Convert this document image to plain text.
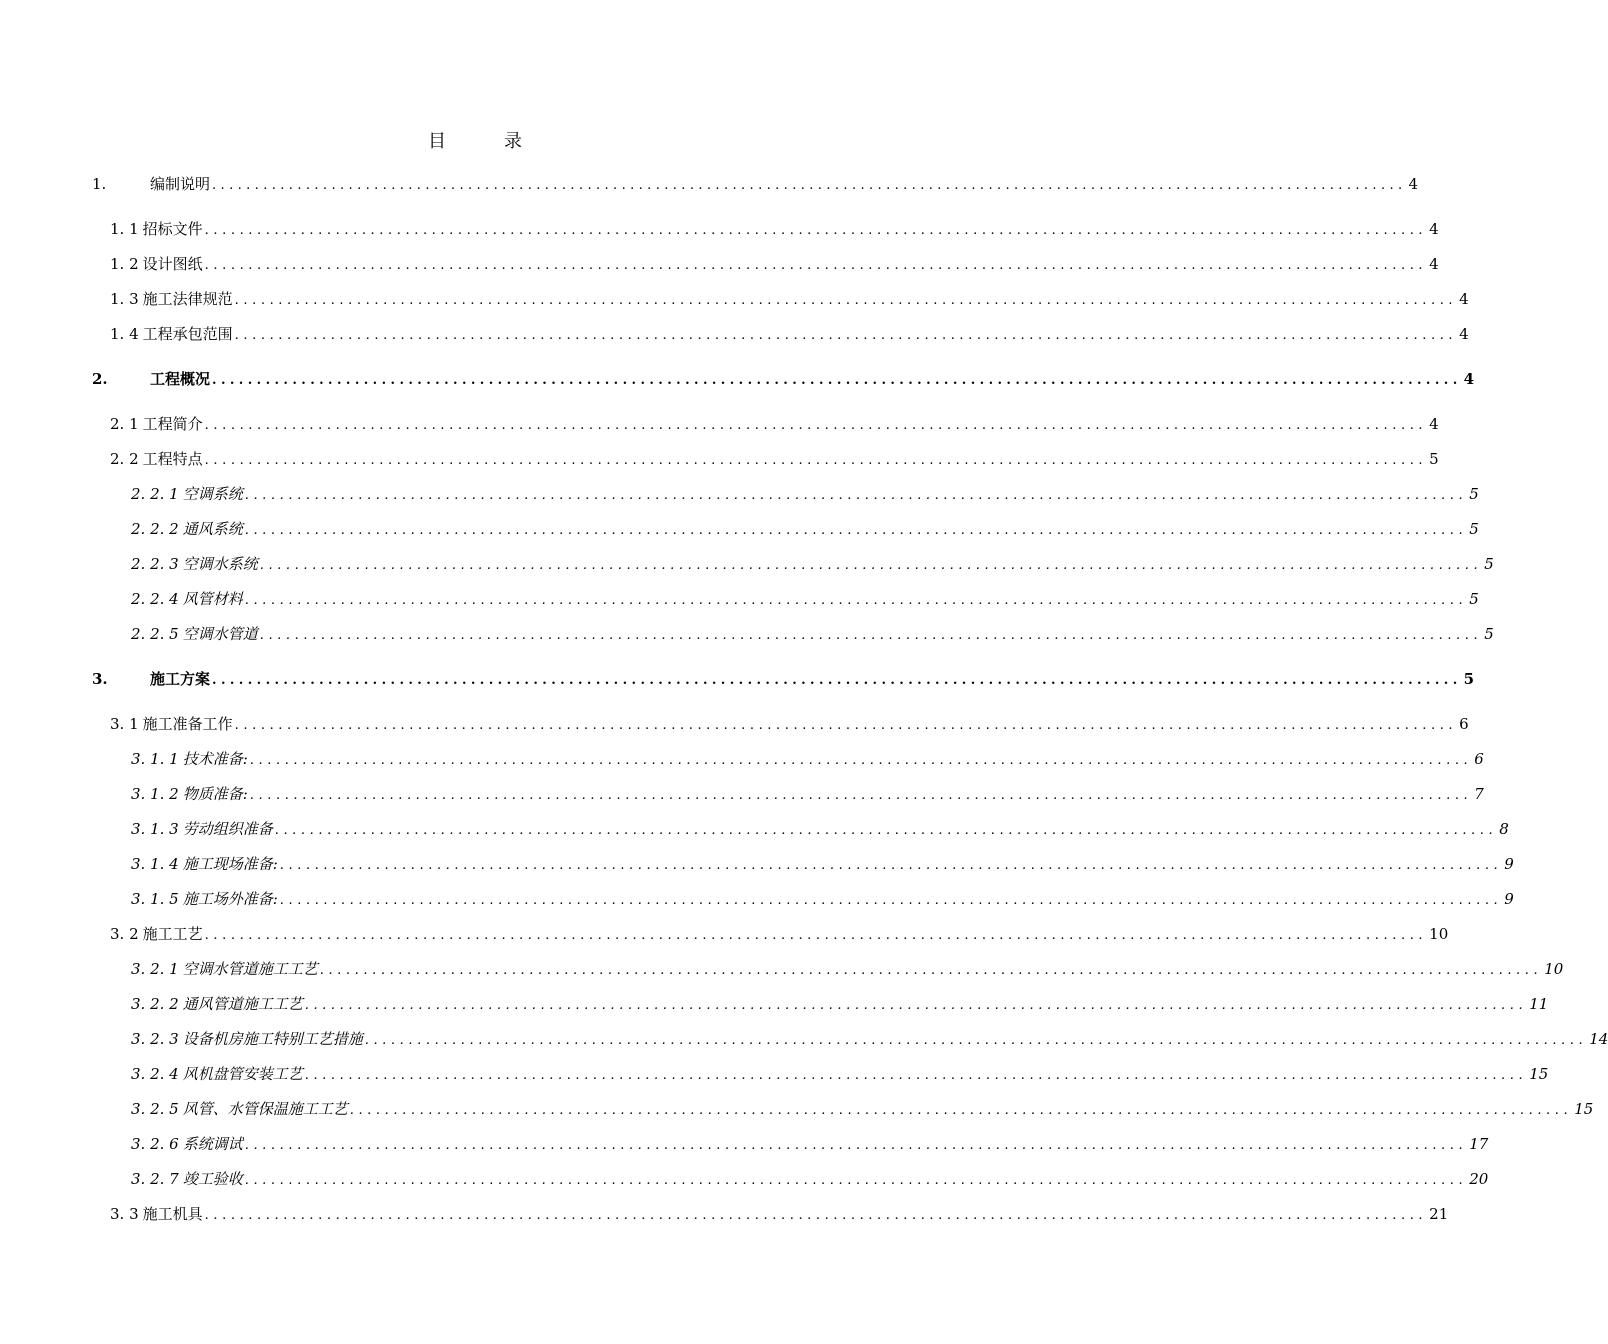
目	录
1.	编制说明 ............................................................................................................................................ 4
1. 1 招标文件 ............................................................................................................................................ 4
1. 2 设计图纸 ............................................................................................................................................ 4
1. 3 施工法律规范 ............................................................................................................................................ 4
1. 4 工程承包范围 ............................................................................................................................................ 4
2.	工程概况 ............................................................................................................................................ 4
2. 1 工程简介 ............................................................................................................................................ 4
2. 2 工程特点 ............................................................................................................................................ 5
2. 2. 1 空调系统 ............................................................................................................................................ 5
2. 2. 2 通风系统 ............................................................................................................................................ 5
2. 2. 3 空调水系统 ............................................................................................................................................ 5
2. 2. 4 风管材料 ............................................................................................................................................ 5
2. 2. 5 空调水管道 ............................................................................................................................................ 5
3.	施工方案 ............................................................................................................................................ 5
3. 1 施工准备工作 ............................................................................................................................................ 6
3. 1. 1 技术准备: ............................................................................................................................................ 6
3. 1. 2 物质准备: ............................................................................................................................................ 7
3. 1. 3 劳动组织准备 ............................................................................................................................................ 8
3. 1. 4 施工现场准备: ............................................................................................................................................ 9
3. 1. 5 施工场外准备: ............................................................................................................................................ 9
3. 2 施工工艺 ............................................................................................................................................ 10
3. 2. 1 空调水管道施工工艺 ............................................................................................................................................ 10
3. 2. 2 通风管道施工工艺 ............................................................................................................................................ 11
3. 2. 3 设备机房施工特别工艺措施 ............................................................................................................................................ 14
3. 2. 4 风机盘管安装工艺 ............................................................................................................................................ 15
3. 2. 5 风管、水管保温施工工艺 ............................................................................................................................................ 15
3. 2. 6 系统调试 ............................................................................................................................................ 17
3. 2. 7 竣工验收 ............................................................................................................................................ 20
3. 3 施工机具 ............................................................................................................................................ 21
